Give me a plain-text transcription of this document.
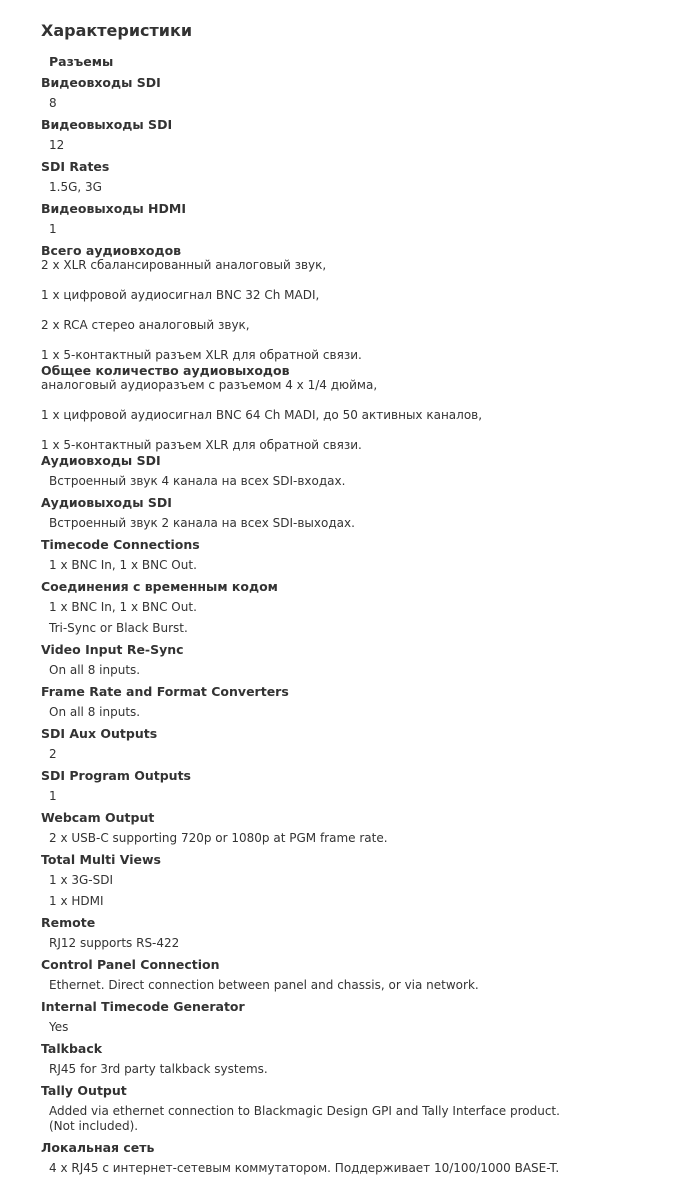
Характеристики
Разъемы
Видеовходы SDI
8
Видеовыходы SDI
12
SDI Rates
1.5G, 3G
Видеовыходы HDMI
1
Всего аудиовходов
2 x XLR сбалансированный аналоговый звук,
1 x цифровой аудиосигнал BNC 32 Ch MADI,
2 x RCA стерео аналоговый звук,
1 x 5-контактный разъем XLR для обратной связи.
Общее количество аудиовыходов
аналоговый аудиоразъем с разъемом 4 x 1/4 дюйма,
1 x цифровой аудиосигнал BNC 64 Ch MADI, до 50 активных каналов,
1 x 5-контактный разъем XLR для обратной связи.
Аудиовходы SDI
Встроенный звук 4 канала на всех SDI-входах.
Аудиовыходы SDI
Встроенный звук 2 канала на всех SDI-выходах.
Timecode Connections
1 x BNC In, 1 x BNC Out.
Соединения с временным кодом
1 x BNC In, 1 x BNC Out.
Tri-Sync or Black Burst.
Video Input Re-Sync
On all 8 inputs.
Frame Rate and Format Converters
On all 8 inputs.
SDI Aux Outputs
2
SDI Program Outputs
1
Webcam Output
2 x USB-C supporting 720p or 1080p at PGM frame rate.
Total Multi Views
1 x 3G-SDI
1 x HDMI
Remote
RJ12 supports RS-422
Control Panel Connection
Ethernet. Direct connection between panel and chassis, or via network.
Internal Timecode Generator
Yes
Talkback
RJ45 for 3rd party talkback systems.
Tally Output
Added via ethernet connection to Blackmagic Design GPI and Tally Interface product.
(Not included).
Локальная сеть
4 x RJ45 с интернет-сетевым коммутатором. Поддерживает 10/100/1000 BASE-T.
